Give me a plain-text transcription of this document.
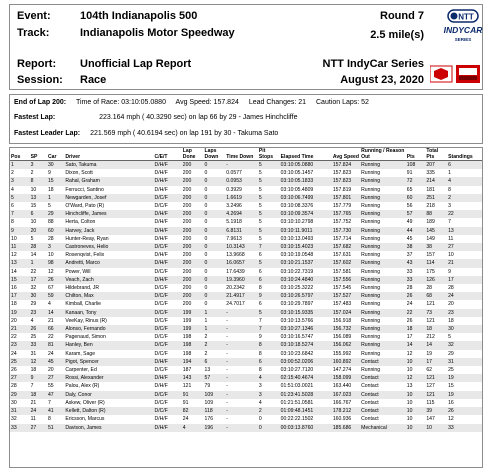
Event:	104th Indianapolis 500
Track:	Indianapolis Motor Speedway
Report: Unofficial Lap Report
Session: Race
Round 7
2.5 mile(s)
NTT IndyCar Series
August 23, 2020
NTT
INDYCAR
SERIES
End of Lap 200: Time of Race: 03:10:05.0880 Avg Speed: 157.824 Lead Changes: 21 Caution Laps: 52
Fastest Lap:	223.164 mph ( 40.3290 sec) on lap 66 by 29 - James Hinchcliffe
Fastest Leader Lap: 221.569 mph ( 40.6194 sec) on lap 191 by 30 - Takuma Sato
Pos	SP	Car	Driver	C/E/T	Lap Done	Laps Down	Time Down	Pit Stops	Elapsed Time	Avg Speed	Running / Reason Out	Pts	Total Pts	Standings
1	3	30	Sato, Takuma	D/H/F	200	0	-	5	03:10:05.0880	157.824	Running	108	207	6
2	2	9	Dixon, Scott	D/H/F	200	0	0.0577	5	03:10:05.1457	157.823	Running	91	335	1
3	8	15	Rahal, Graham	D/H/F	200	0	0.0953	5	03:10:05.1833	157.823	Running	72	214	4
4	10	18	Ferrucci, Santino	D/H/F	200	0	0.3929	5	03:10:05.4809	157.819	Running	65	181	8
5	13	1	Newgarden, Josef	D/C/F	200	0	1.6619	5	03:10:06.7499	157.801	Running	60	251	2
6	15	5	O'Ward, Pato (R)	D/C/F	200	0	3.2496	5	03:10:08.3376	157.779	Running	56	218	3
7	6	29	Hinchcliffe, James	D/H/F	200	0	4.2694	5	03:10:09.3574	157.765	Running	57	88	22
8	10	88	Herta, Colton	D/H/F	200	0	5.1918	5	03:10:10.2798	157.752	Running	49	189	7
9	20	60	Harvey, Jack	D/H/F	200	0	6.8131	5	03:10:11.9011	157.730	Running	44	145	13
10	5	28	Hunter-Reay, Ryan	D/H/F	200	0	7.9613	5	03:10:13.0493	157.714	Running	45	149	11
11	28	3	Castroneves, Helio	D/C/F	200	0	10.3143	7	03:10:15.4023	157.682	Running	38	38	27
12	14	10	Rosenqvist, Felix	D/H/F	200	0	13.9668	6	03:10:19.0548	157.631	Running	37	157	10
13	1	98	Andretti, Marco	D/H/F	200	0	16.0657	5	03:10:21.1537	157.602	Running	43	114	21
14	22	12	Power, Will	D/C/F	200	0	17.6439	6	03:10:22.7319	157.581	Running	33	175	9
15	17	26	Veach, Zach	D/H/F	200	0	19.3960	6	03:10:24.4840	157.556	Running	33	126	17
16	32	67	Hildebrand, JR	D/C/F	200	0	20.2342	8	03:10:25.3222	157.545	Running	28	28	28
17	30	59	Chilton, Max	D/C/F	200	0	21.4917	9	03:10:26.5797	157.527	Running	26	68	24
18	29	4	Kimball, Charlie	D/C/F	200	0	24.7017	6	03:10:29.7897	157.483	Running	24	121	20
19	23	14	Kanaan, Tony	D/C/F	199	1	-	5	03:10:15.9335	157.024	Running	22	73	23
20	4	21	VeeKay, Rinus (R)	D/C/F	199	1	-	7	03:10:13.5766	156.918	Running	26	121	18
21	26	66	Alonso, Fernando	D/C/F	199	1	-	7	03:10:27.1346	156.732	Running	18	18	30
22	25	22	Pagenaud, Simon	D/C/F	198	2	-	9	03:10:16.5747	156.089	Running	17	212	5
23	33	81	Hanley, Ben	D/C/F	198	2	-	8	03:10:18.5274	156.062	Running	14	14	32
24	31	24	Karam, Sage	D/C/F	198	2	-	8	03:10:23.6842	155.992	Running	12	19	29
25	12	45	Pigot, Spencer	D/H/F	194	6	-	6	03:00:52.0206	160.892	Contact	10	17	31
26	18	20	Carpenter, Ed	D/C/F	187	13	-	8	03:10:27.7120	147.274	Running	10	62	25
27	9	27	Rossi, Alexander	D/H/F	143	57	-	4	02:15:40.4674	158.099	Contact	12	121	19
28	7	55	Palou, Alex (R)	D/H/F	121	79	-	3	01:51:03.0021	163.440	Contact	13	127	15
29	18	47	Daly, Conor	D/C/F	91	109	-	3	01:23:41.5028	167.023	Contact	10	121	19
30	21	7	Askew, Oliver (R)	D/C/F	91	109	-	4	01:21:51.0581	166.767	Contact	10	115	16
31	24	41	Kellett, Dalton (R)	D/C/F	82	118	-	2	01:09:48.1451	178.212	Contact	10	39	26
32	11	8	Ericsson, Marcus	D/H/F	24	176	-	0	00:22:22.1502	160.936	Contact	10	147	12
33	27	51	Davison, James	D/H/F	4	196	-	0	00:03:13.8760	185.686	Mechanical	10	10	33
